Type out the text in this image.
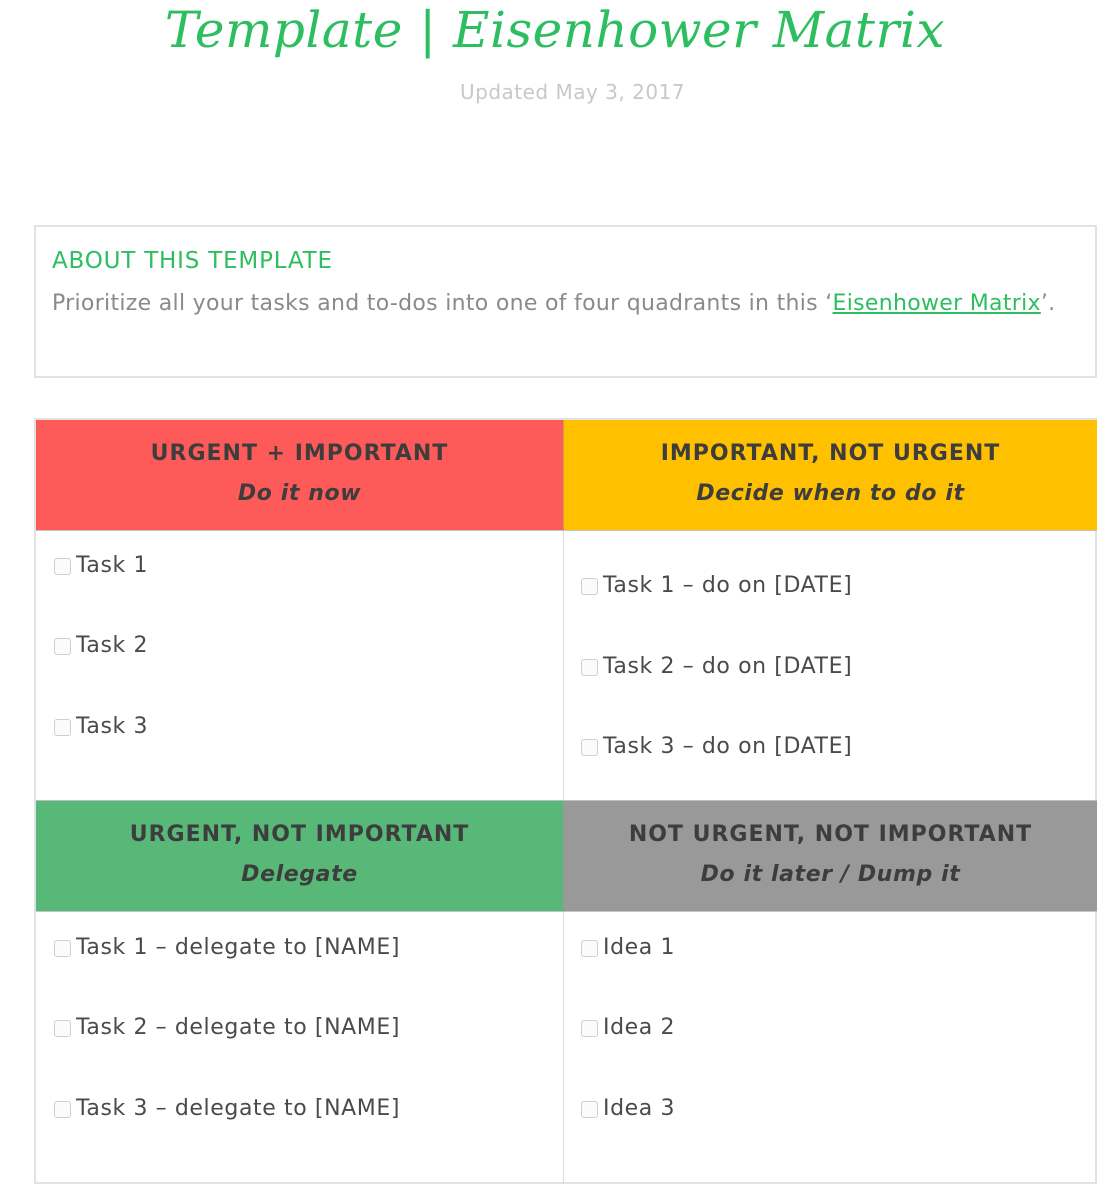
Template | Eisenhower Matrix
Updated May 3, 2017
ABOUT THIS TEMPLATE
Prioritize all your tasks and to-dos into one of four quadrants in this ‘Eisenhower Matrix’.
URGENT + IMPORTANT
Do it now
Task 1
Task 2
Task 3
IMPORTANT, NOT URGENT
Decide when to do it
Task 1 – do on [DATE]
Task 2 – do on [DATE]
Task 3 – do on [DATE]
URGENT, NOT IMPORTANT
Delegate
Task 1 – delegate to [NAME]
Task 2 – delegate to [NAME]
Task 3 – delegate to [NAME]
NOT URGENT, NOT IMPORTANT
Do it later / Dump it
Idea 1
Idea 2
Idea 3
